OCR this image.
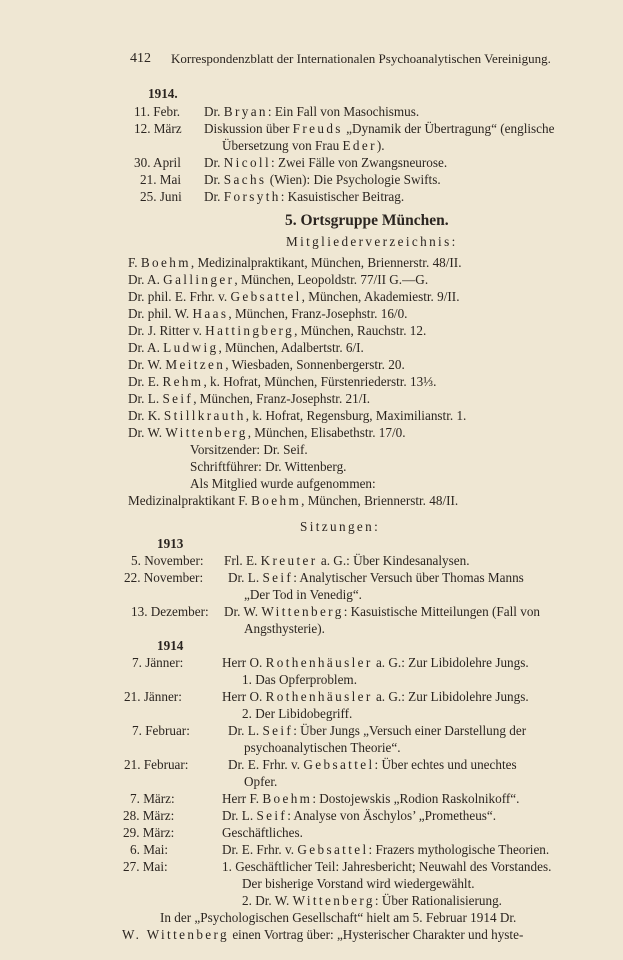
412 Korrespondenzblatt der Internationalen Psychoanalytischen Vereinigung.
1914.
11. Febr. Dr. Bryan: Ein Fall von Masochismus.
12. März Diskussion über Freuds „Dynamik der Übertragung“ (englische
Übersetzung von Frau Eder).
30. April Dr. Nicoll: Zwei Fälle von Zwangsneurose.
21. Mai Dr. Sachs (Wien): Die Psychologie Swifts.
25. Juni Dr. Forsyth: Kasuistischer Beitrag.
5. Ortsgruppe München.
Mitgliederverzeichnis:
F. Boehm, Medizinalpraktikant, München, Briennerstr. 48/II.
Dr. A. Gallinger, München, Leopoldstr. 77/II G.—G.
Dr. phil. E. Frhr. v. Gebsattel, München, Akademiestr. 9/II.
Dr. phil. W. Haas, München, Franz-Josephstr. 16/0.
Dr. J. Ritter v. Hattingberg, München, Rauchstr. 12.
Dr. A. Ludwig, München, Adalbertstr. 6/I.
Dr. W. Meitzen, Wiesbaden, Sonnenbergerstr. 20.
Dr. E. Rehm, k. Hofrat, München, Fürstenriederstr. 13⅓.
Dr. L. Seif, München, Franz-Josephstr. 21/I.
Dr. K. Stillkrauth, k. Hofrat, Regensburg, Maximilianstr. 1.
Dr. W. Wittenberg, München, Elisabethstr. 17/0.
Vorsitzender: Dr. Seif.
Schriftführer: Dr. Wittenberg.
Als Mitglied wurde aufgenommen:
Medizinalpraktikant F. Boehm, München, Briennerstr. 48/II.
Sitzungen:
1913
5. November: Frl. E. Kreuter a. G.: Über Kindesanalysen.
22. November: Dr. L. Seif: Analytischer Versuch über Thomas Manns
„Der Tod in Venedig“.
13. Dezember: Dr. W. Wittenberg: Kasuistische Mitteilungen (Fall von
Angsthysterie).
1914
7. Jänner:	Herr O. Rothenhäusler a. G.: Zur Libidolehre Jungs.
1. Das Opferproblem.
21. Jänner:	Herr O. Rothenhäusler a. G.: Zur Libidolehre Jungs.
2. Der Libidobegriff.
7. Februar:	Dr. L. Seif: Über Jungs „Versuch einer Darstellung der
psychoanalytischen Theorie“.
21. Februar:	Dr. E. Frhr. v. Gebsattel: Über echtes und unechtes
Opfer.
7. März:	Herr F. Boehm: Dostojewskis „Rodion Raskolnikoff“.
28. März:	Dr. L. Seif: Analyse von Äschylos’ „Prometheus“.
29. März:	Geschäftliches.
6. Mai:	Dr. E. Frhr. v. Gebsattel: Frazers mythologische Theorien.
27. Mai:	1. Geschäftlicher Teil: Jahresbericht; Neuwahl des Vorstandes.
Der bisherige Vorstand wird wiedergewählt.
2. Dr. W. Wittenberg: Über Rationalisierung.
In der „Psychologischen Gesellschaft“ hielt am 5. Februar 1914 Dr.
W. Wittenberg einen Vortrag über: „Hysterischer Charakter und hyste-
